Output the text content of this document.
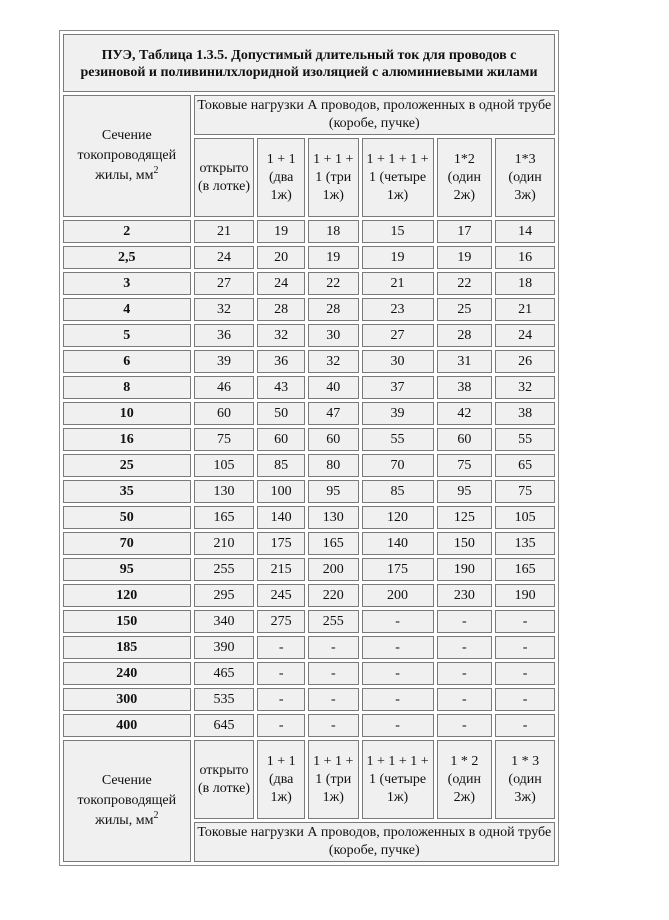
ПУЭ, Таблица 1.3.5. Допустимый длительный ток для проводов с резиновой и поливинилхлоридной изоляцией с алюминиевыми жилами						
Сечение токопроводящей жилы, $мм^2$	Токовые нагрузки А проводов, проложенных в одной трубе (коробе, пучке)					
	открыто (в лотке)	1 + 1 (два 1ж)	1 + 1 + 1 (три 1ж)	1 + 1 + 1 + 1 (четыре 1ж)	1*2 (один 2ж)	1*3 (один 3ж)
2	21	19	18	15	17	14
2,5	24	20	19	19	19	16
3	27	24	22	21	22	18
4	32	28	28	23	25	21
5	36	32	30	27	28	24
6	39	36	32	30	31	26
8	46	43	40	37	38	32
10	60	50	47	39	42	38
16	75	60	60	55	60	55
25	105	85	80	70	75	65
35	130	100	95	85	95	75
50	165	140	130	120	125	105
70	210	175	165	140	150	135
95	255	215	200	175	190	165
120	295	245	220	200	230	190
150	340	275	255	-	-	-
185	390	-	-	-	-	-
240	465	-	-	-	-	-
300	535	-	-	-	-	-
400	645	-	-	-	-	-
Сечение токопроводящей жилы, $мм^2$	открыто (в лотке)	1 + 1 (два 1ж)	1 + 1 + 1 (три 1ж)	1 + 1 + 1 + 1 (четыре 1ж)	1 * 2 (один 2ж)	1 * 3 (один 3ж)
	Токовые нагрузки А проводов, проложенных в одной трубе (коробе, пучке)					
